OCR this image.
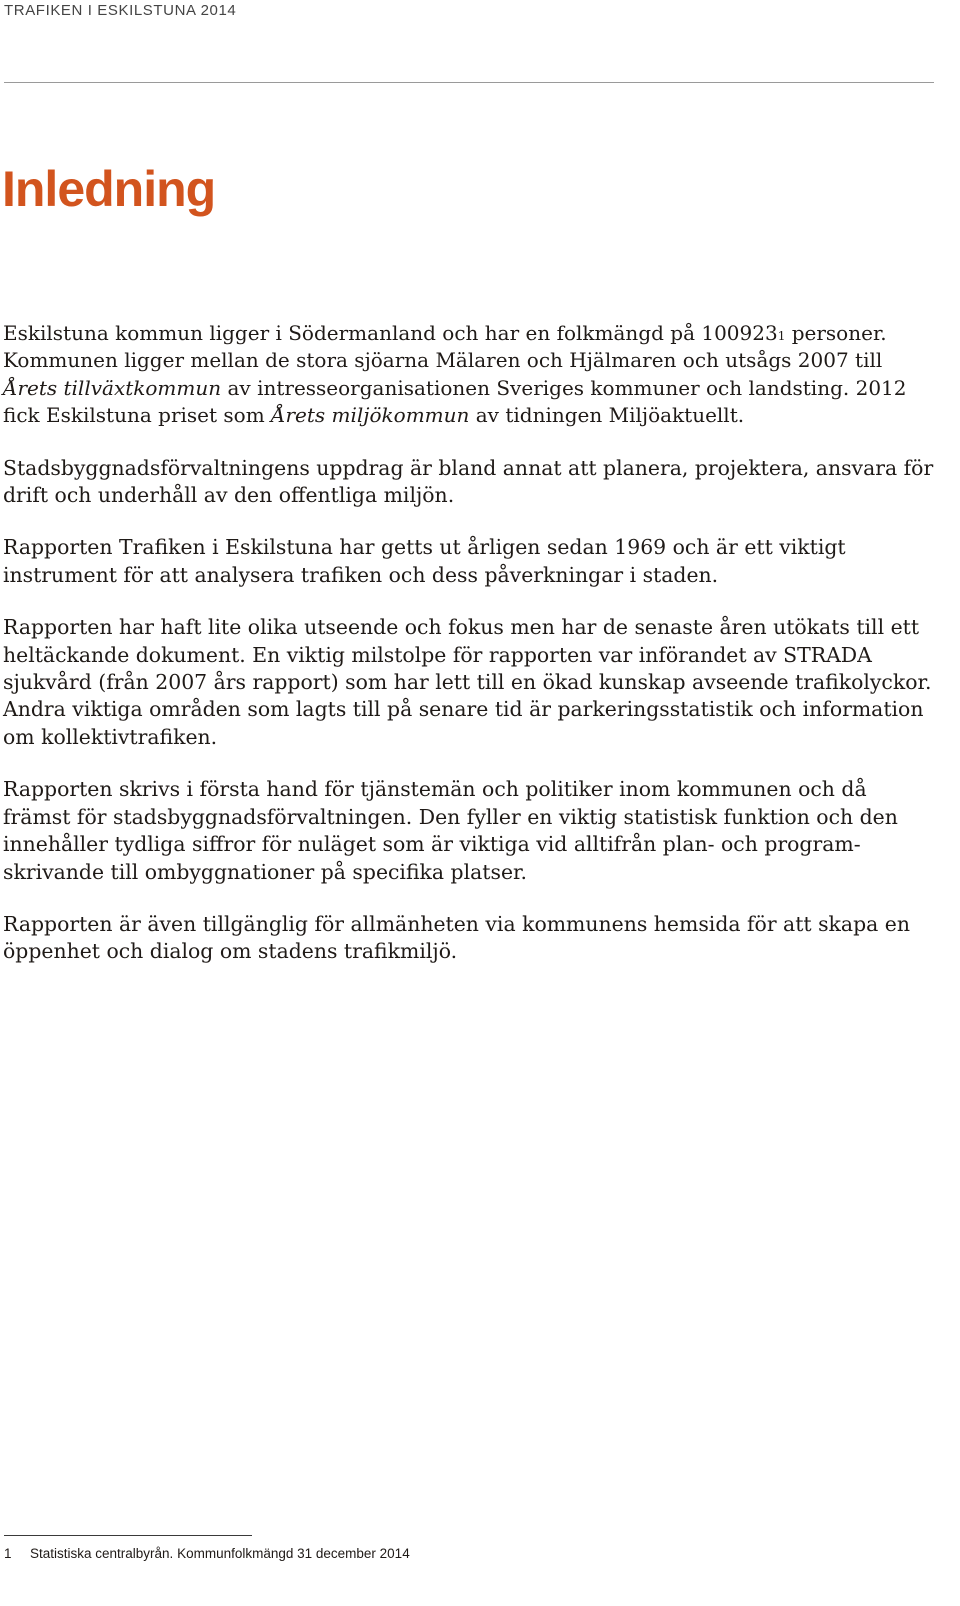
TRAFIKEN I ESKILSTUNA 2014
Inledning

Eskilstuna kommun ligger i Södermanland och har en folkmängd på 100923$^1$ personer. Kommunen ligger mellan de stora sjöarna Mälaren och Hjälmaren och utsågs 2007 till Årets tillväxtkommun av intresseorganisationen Sveriges kommuner och landsting. 2012 fick Eskilstuna priset som Årets miljökommun av tidningen Miljöaktuellt.

Stadsbyggnadsförvaltningens uppdrag är bland annat att planera, projektera, ansvara för drift och underhåll av den offentliga miljön.

Rapporten Trafiken i Eskilstuna har getts ut årligen sedan 1969 och är ett viktigt instrument för att analysera trafiken och dess påverkningar i staden.

Rapporten har haft lite olika utseende och fokus men har de senaste åren utökats till ett heltäckande dokument. En viktig milstolpe för rapporten var införandet av STRADA sjukvård (från 2007 års rapport) som har lett till en ökad kunskap avseende trafikolyckor. Andra viktiga områden som lagts till på senare tid är parkeringsstatistik och information om kollektivtrafiken.

Rapporten skrivs i första hand för tjänstemän och politiker inom kommunen och då främst för stadsbyggnadsförvaltningen. Den fyller en viktig statistisk funktion och den innehåller tydliga siffror för nuläget som är viktiga vid alltifrån plan- och programskrivande till ombyggnationer på specifika platser.

Rapporten är även tillgänglig för allmänheten via kommunens hemsida för att skapa en öppenhet och dialog om stadens trafikmiljö.

1 Statistiska centralbyrån. Kommunfolkmängd 31 december 2014
